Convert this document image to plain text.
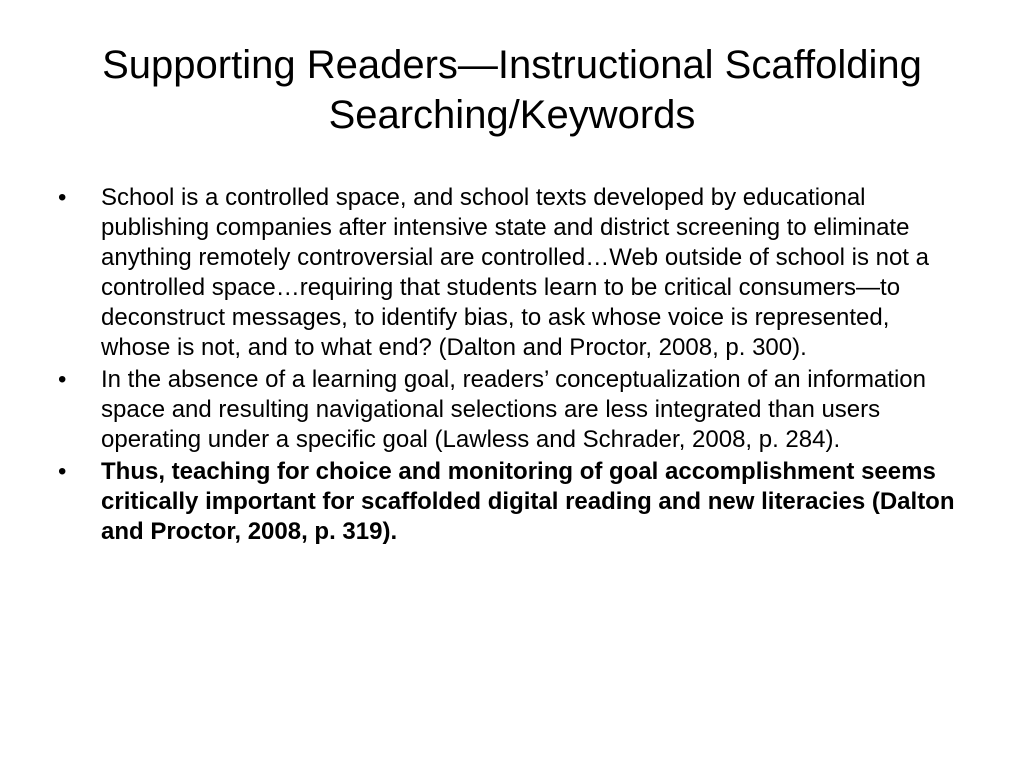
Supporting Readers—Instructional Scaffolding
Searching/Keywords
•	School is a controlled space, and school texts developed by educational publishing companies after intensive state and district screening to eliminate anything remotely controversial are controlled…Web outside of school is not a controlled space…requiring that students learn to be critical consumers—to deconstruct messages, to identify bias, to ask whose voice is represented, whose is not, and to what end? (Dalton and Proctor, 2008, p. 300).
•	In the absence of a learning goal, readers’ conceptualization of an information space and resulting navigational selections are less integrated than users operating under a specific goal (Lawless and Schrader, 2008, p. 284).
•	Thus, teaching for choice and monitoring of goal accomplishment seems critically important for scaffolded digital reading and new literacies (Dalton and Proctor, 2008, p. 319).
